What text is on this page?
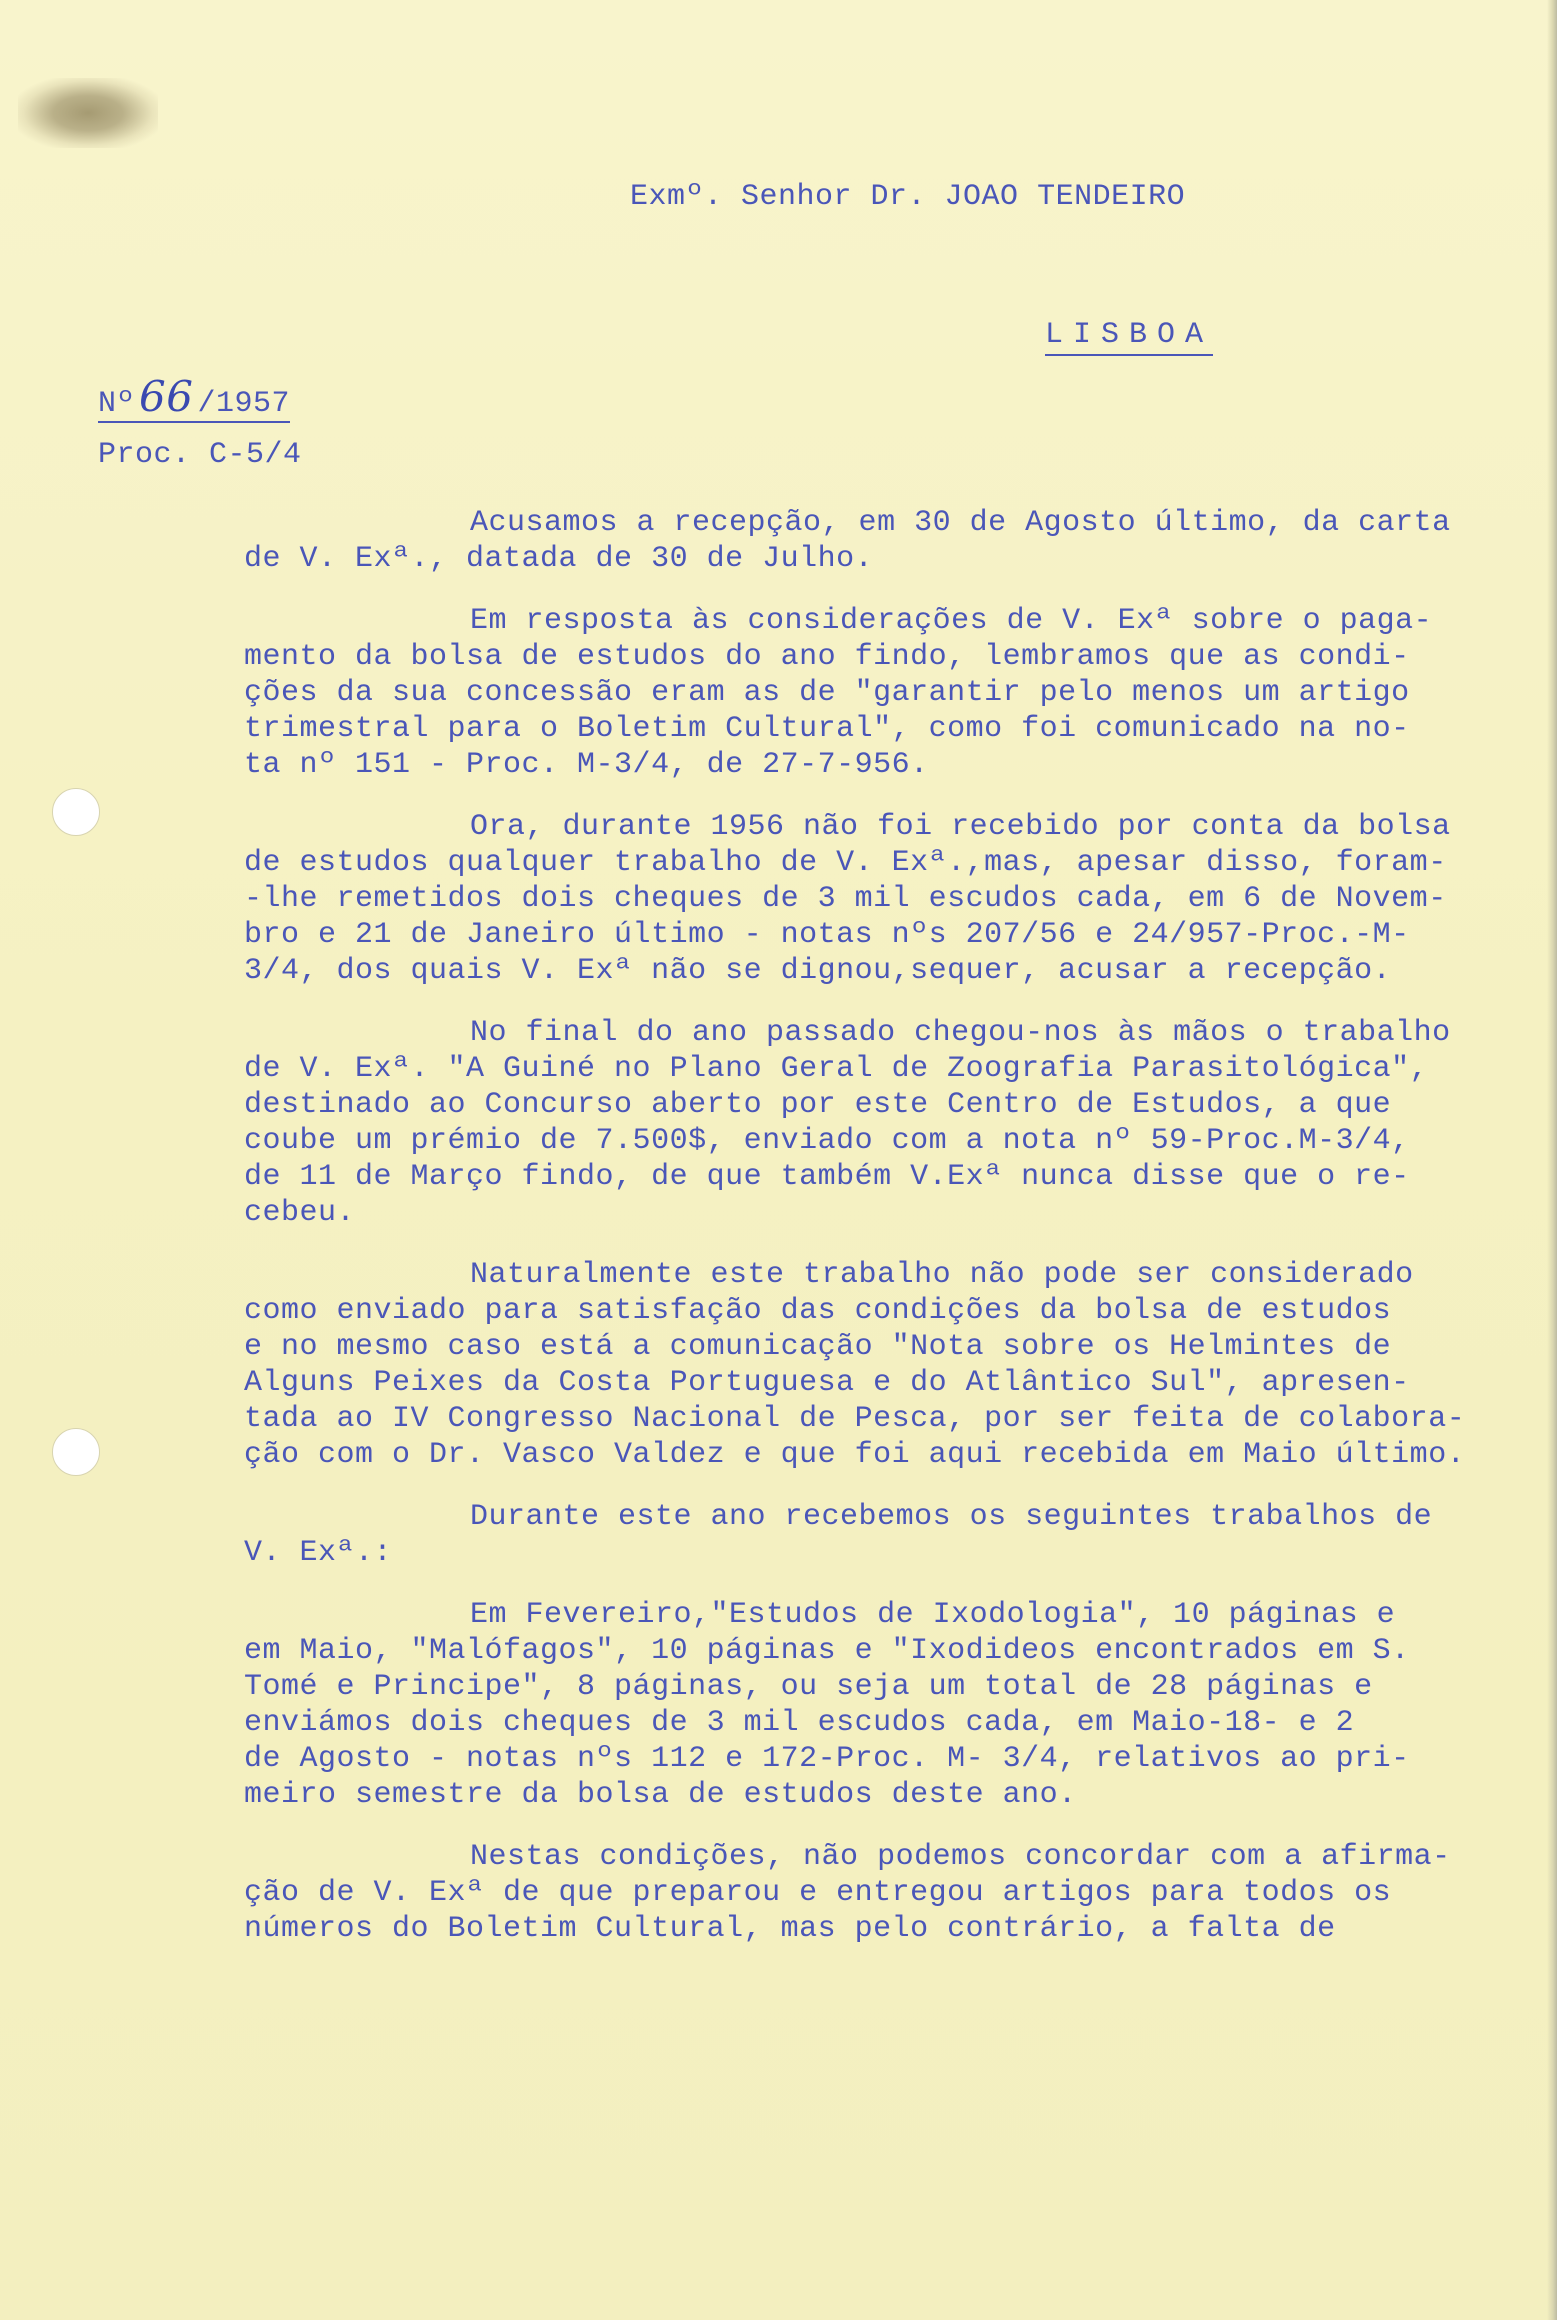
Exmº. Senhor Dr. JOAO TENDEIRO
LISBOA
Nº66 /1957
Proc. C-5/4
Acusamos a recepção, em 30 de Agosto último, da carta
de V. Exª., datada de 30 de Julho.
Em resposta às considerações de V. Exª sobre o paga-
mento da bolsa de estudos do ano findo, lembramos que as condi-
ções da sua concessão eram as de "garantir pelo menos um artigo
trimestral para o Boletim Cultural", como foi comunicado na no-
ta nº 151 - Proc. M-3/4, de 27-7-956.
Ora, durante 1956 não foi recebido por conta da bolsa
de estudos qualquer trabalho de V. Exª.,mas, apesar disso, foram-
-lhe remetidos dois cheques de 3 mil escudos cada, em 6 de Novem-
bro e 21 de Janeiro último - notas nºs 207/56 e 24/957-Proc.-M-
3/4, dos quais V. Exª não se dignou,sequer, acusar a recepção.
No final do ano passado chegou-nos às mãos o trabalho
de V. Exª. "A Guiné no Plano Geral de Zoografia Parasitológica",
destinado ao Concurso aberto por este Centro de Estudos, a que
coube um prémio de 7.500$, enviado com a nota nº 59-Proc.M-3/4,
de 11 de Março findo, de que também V.Exª nunca disse que o re-
cebeu.
Naturalmente este trabalho não pode ser considerado
como enviado para satisfação das condições da bolsa de estudos
e no mesmo caso está a comunicação "Nota sobre os Helmintes de
Alguns Peixes da Costa Portuguesa e do Atlântico Sul", apresen-
tada ao IV Congresso Nacional de Pesca, por ser feita de colabora-
ção com o Dr. Vasco Valdez e que foi aqui recebida em Maio último.
Durante este ano recebemos os seguintes trabalhos de
V. Exª.:
Em Fevereiro,"Estudos de Ixodologia", 10 páginas e
em Maio, "Malófagos", 10 páginas e "Ixodideos encontrados em S.
Tomé e Principe", 8 páginas, ou seja um total de 28 páginas e
enviámos dois cheques de 3 mil escudos cada, em Maio-18- e 2
de Agosto - notas nºs 112 e 172-Proc. M- 3/4, relativos ao pri-
meiro semestre da bolsa de estudos deste ano.
Nestas condições, não podemos concordar com a afirma-
ção de V. Exª de que preparou e entregou artigos para todos os
números do Boletim Cultural, mas pelo contrário, a falta de
